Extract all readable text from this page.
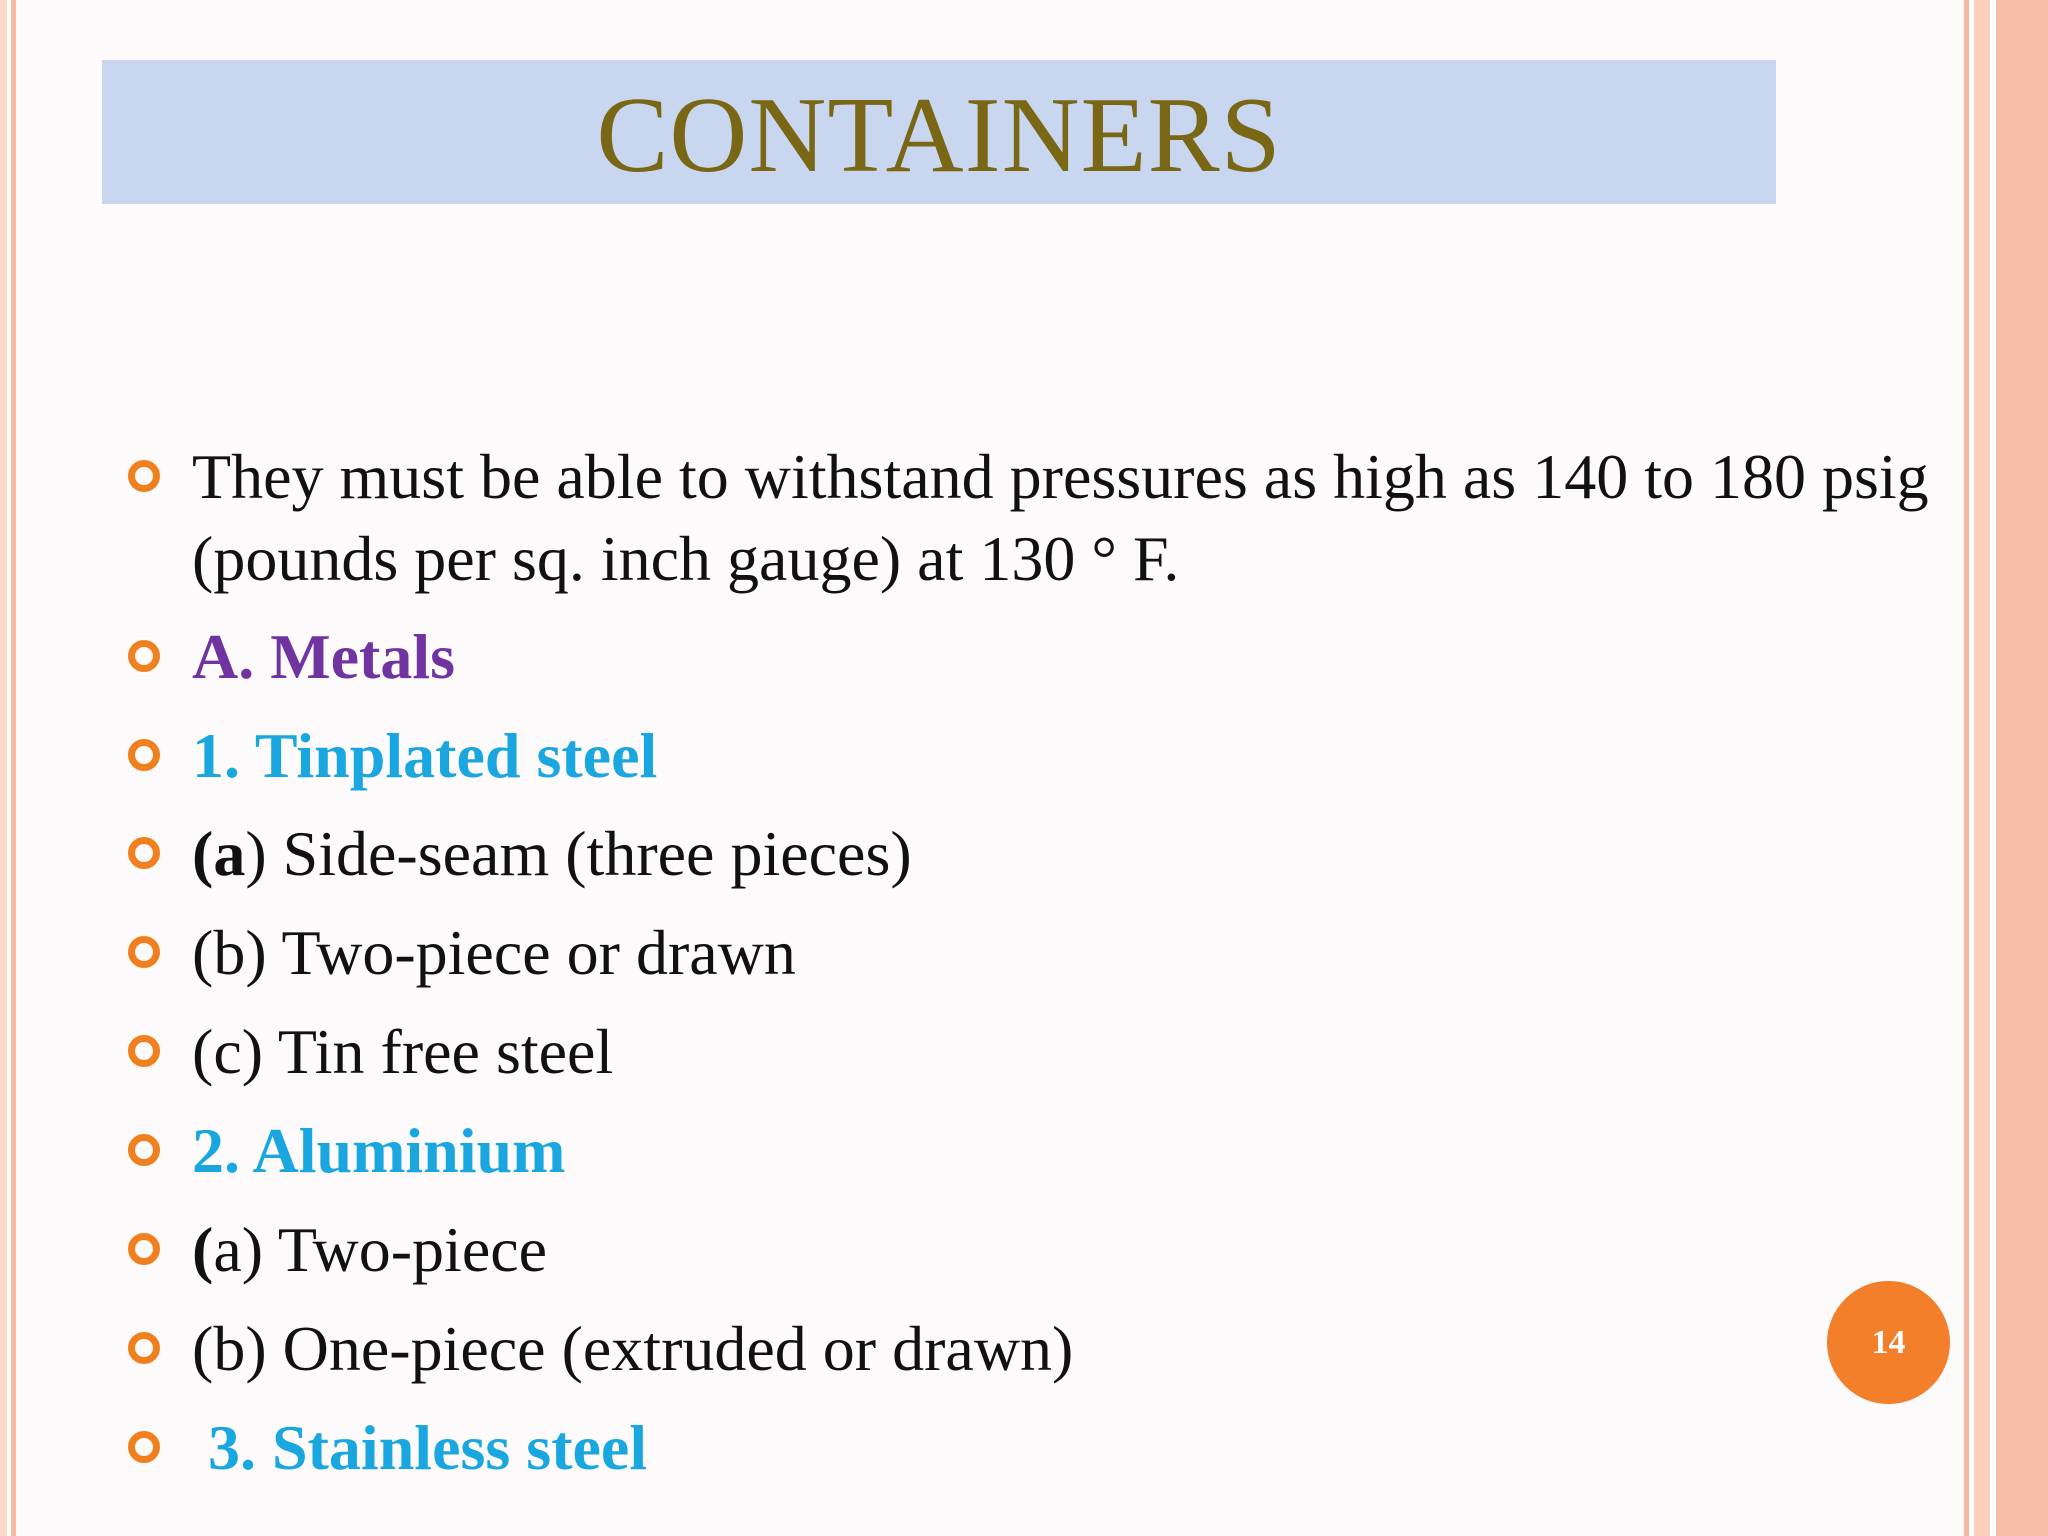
CONTAINERS
They must be able to withstand pressures as high as 140 to 180 psig (pounds per sq. inch gauge) at 130 ° F.
A. Metals
1. Tinplated steel
(a) Side-seam (three pieces)
(b) Two-piece or drawn
(c) Tin free steel
2. Aluminium
(a) Two-piece
(b) One-piece (extruded or drawn)
3. Stainless steel
14
